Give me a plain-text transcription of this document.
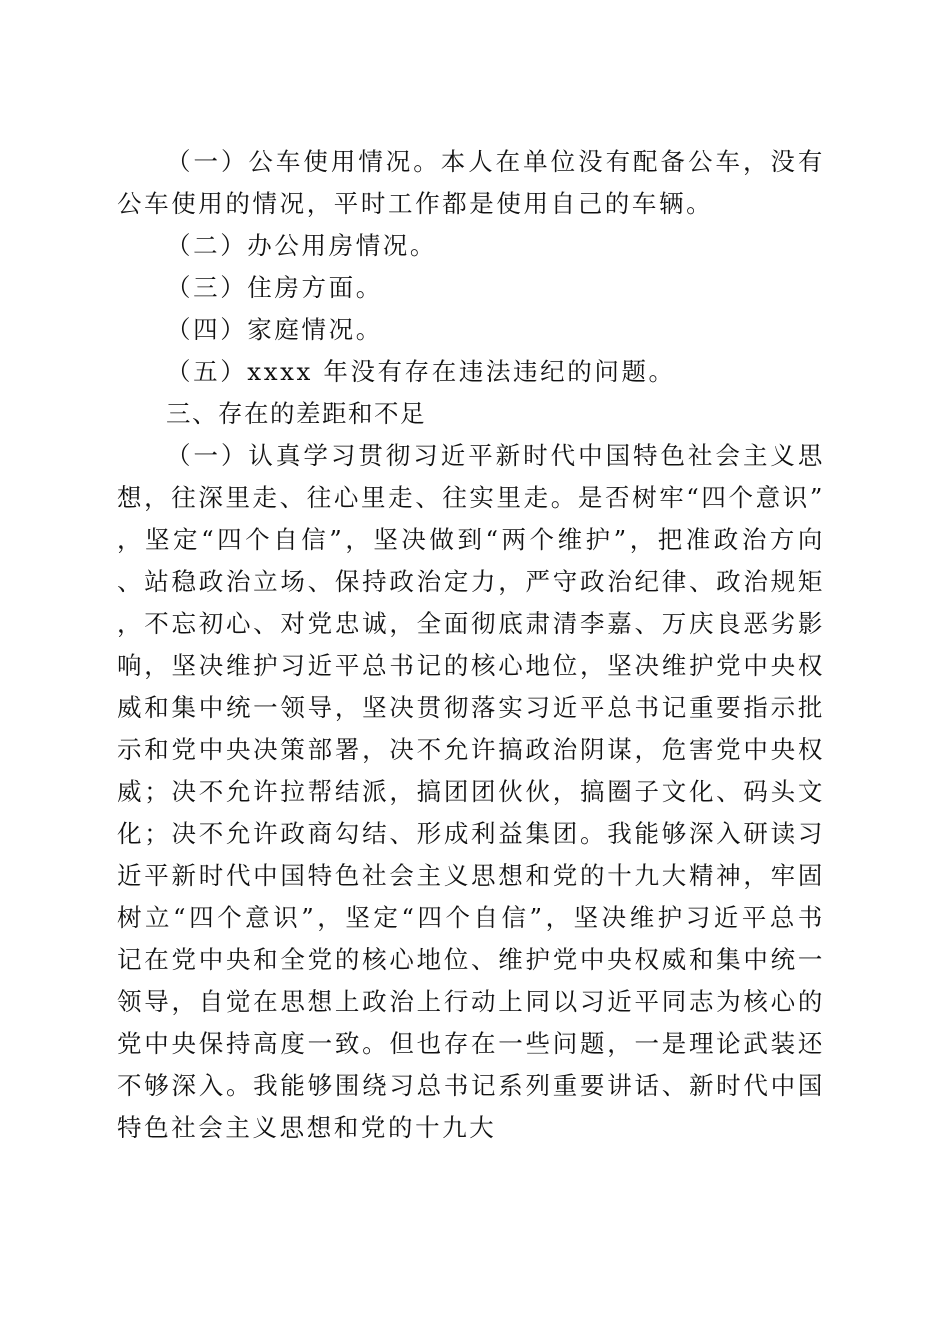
（一）公车使用情况。本人在单位没有配备公车，没有公车使用的情况，平时工作都是使用自己的车辆。

（二）办公用房情况。

（三）住房方面。

（四）家庭情况。

（五）xxxx 年没有存在违法违纪的问题。

三、存在的差距和不足

（一）认真学习贯彻习近平新时代中国特色社会主义思想，往深里走、往心里走、往实里走。是否树牢“四个意识”，坚定“四个自信”，坚决做到“两个维护”，把准政治方向、站稳政治立场、保持政治定力，严守政治纪律、政治规矩，不忘初心、对党忠诚，全面彻底肃清李嘉、万庆良恶劣影响，坚决维护习近平总书记的核心地位，坚决维护党中央权威和集中统一领导，坚决贯彻落实习近平总书记重要指示批示和党中央决策部署，决不允许搞政治阴谋，危害党中央权威；决不允许拉帮结派，搞团团伙伙，搞圈子文化、码头文化；决不允许政商勾结、形成利益集团。我能够深入研读习近平新时代中国特色社会主义思想和党的十九大精神，牢固树立“四个意识”，坚定“四个自信”，坚决维护习近平总书记在党中央和全党的核心地位、维护党中央权威和集中统一领导，自觉在思想上政治上行动上同以习近平同志为核心的党中央保持高度一致。但也存在一些问题，一是理论武装还不够深入。我能够围绕习总书记系列重要讲话、新时代中国特色社会主义思想和党的十九大
